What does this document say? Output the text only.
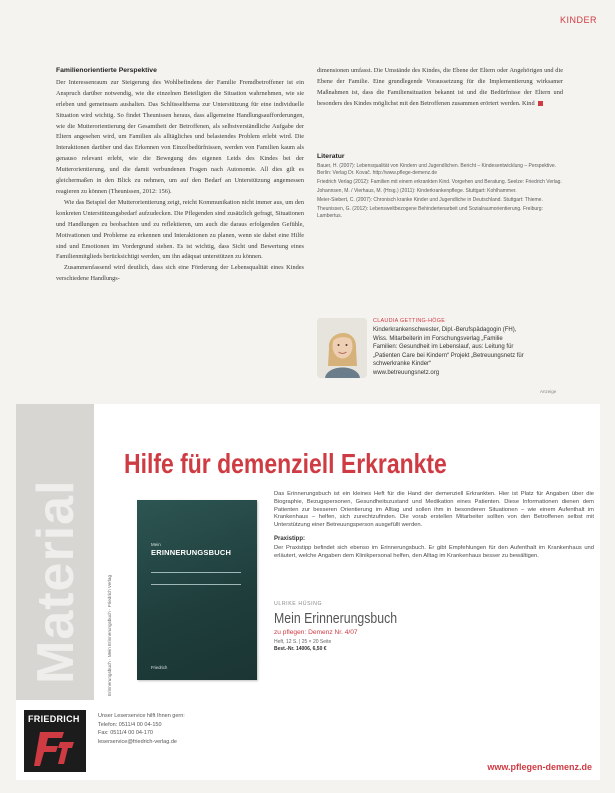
KINDER
Familienorientierte Perspektive

Der Interessenraum zur Steigerung des Wohlbefindens der Familie Fremdbetroffener ist ein Anspruch darüber notwendig, wie die einzelnen Beteiligten die Situation wahrnehmen, wie sie erleben und gemeinsam aushalten. Das Schlüsselthema zur Unterstützung für eine individuelle Situation wird wichtig. So findet Theunissen heraus, dass allgemeine Handlungsaufforderungen, wie die Mutterorientierung der Gesamtheit der Betroffenen, als selbstverständliche Aufgabe der Eltern angesehen wird, um Familien als alltägliches und belastendes Problem erlebt wird. Die Interaktionen darüber und das Erkennen von Einzelbedürfnissen, werden von Familien kaum als genauso relevant erlebt, wie die Bewegung des eigenen Leids des Kindes bei der Mutterorientierung, und die damit verbundenen Fragen nach Autonomie. All dies gilt es gleichermaßen in den Blick zu nehmen, um auf den Bedarf an Unterstützung angemessen reagieren zu können (Theunissen, 2012: 156).

Wie das Beispiel der Mutterorientierung zeigt, reicht Kommunikation nicht immer aus, um den konkreten Unterstützungsbedarf aufzudecken. Die Pflegenden sind zusätzlich gefragt, Situationen und Handlungen zu beobachten und zu reflektieren, um auch die daraus erfolgenden Gefühle, Motivationen und Probleme zu erkennen und Interaktionen zu planen, wenn sie dabei eine Hilfe sind und Emotionen im Vordergrund stehen. Es ist wichtig, dass Sicht und Bewertung eines Familienmitglieds berücksichtigt werden, um ihn adäquat unterstützen zu können.

Zusammenfassend wird deutlich, dass sich eine Förderung der Lebensqualität eines Kindes verschiedene Handlungs-

dimensionen umfasst. Die Umstände des Kindes, die Ebene der Eltern oder Angehörigen und die Ebene der Familie. Eine grundlegende Voraussetzung für die Implementierung wirksamer Maßnahmen ist, dass die Familiensituation bekannt ist und die Bedürfnisse der Eltern und besonders des Kindes möglichst mit den Betroffenen zusammen erörtert werden. Kind

Literatur
Bauer, H. (2007): Lebensqualität von Kindern und Jugendlichen. Bericht – Kindesentwicklung – Perspektive. Berlin: Verlag Dr. Kovač. http://www.pflege-demenz.de
Friedrich Verlag (2012): Familien mit einem erkrankten Kind. Vorgehen und Beratung. Seelze: Friedrich Verlag.
Johannsen, M. / Vierhaus, M. (Hrsg.) (2011): Kinderkrankenpflege. Stuttgart: Kohlhammer.
Meier-Siebert, C. (2007): Chronisch kranke Kinder und Jugendliche in Deutschland. Stuttgart: Thieme.
Theunissen, G. (2012): Lebensweltbezogene Behindertenarbeit und Sozialraumorientierung. Freiburg: Lambertus.
CLAUDIA GETTING-HÖGE
Kinderkrankenschwester, Dipl.-Berufspädagogin (FH),
Wiss. Mitarbeiterin im Forschungsverlag „Familie
Familien: Gesundheit im Lebenslauf, aus: Leitung für
„Patienten Care bei Kindern“ Projekt „Betreuungsnetz für
schwerkranke Kinder“
www.betreuungsnetz.org
Anzeige
Material
Hilfe für demenziell Erkrankte
Erinnerungsbuch · Mein Erinnerungsbuch · Friedrich Verlag
Mein
ERINNERUNGSBUCH
Friedrich

Das Erinnerungsbuch ist ein kleines Heft für die Hand der demenziell Erkrankten. Hier ist Platz für Angaben über die Biographie, Bezugspersonen, Gesundheitszustand und Medikation eines Patienten. Diese Informationen dienen dem Patienten zur besseren Orientierung im Alltag und sollen ihm in besonderen Situationen – wie einem Aufenthalt im Krankenhaus – helfen, sich zurechtzufinden. Die vorab erstellen Mitarbeiter sollten von den Betroffenen selbst mit Unterstützung einer Betreuungsperson ausgefüllt werden.

Praxistipp:

Der Praxistipp befindet sich ebenso im Erinnerungsbuch. Er gibt Empfehlungen für den Aufenthalt im Krankenhaus und erläutert, welche Angaben dem Klinikpersonal helfen, den Alltag im Krankenhaus besser zu bewältigen.

ULRIKE HÜSING
Mein Erinnerungsbuch
zu pflegen: Demenz Nr. 4/07
Heft, 12 S. | 25 × 20 Seite
Best.-Nr. 14006, 6,50 €
FRIEDRICH	Unser Leserservice hilft Ihnen gern:
Telefon: 0511/4 00 04-150
Fax: 0511/4 00 04-170
leserservice@friedrich-verlag.de
www.pflegen-demenz.de
